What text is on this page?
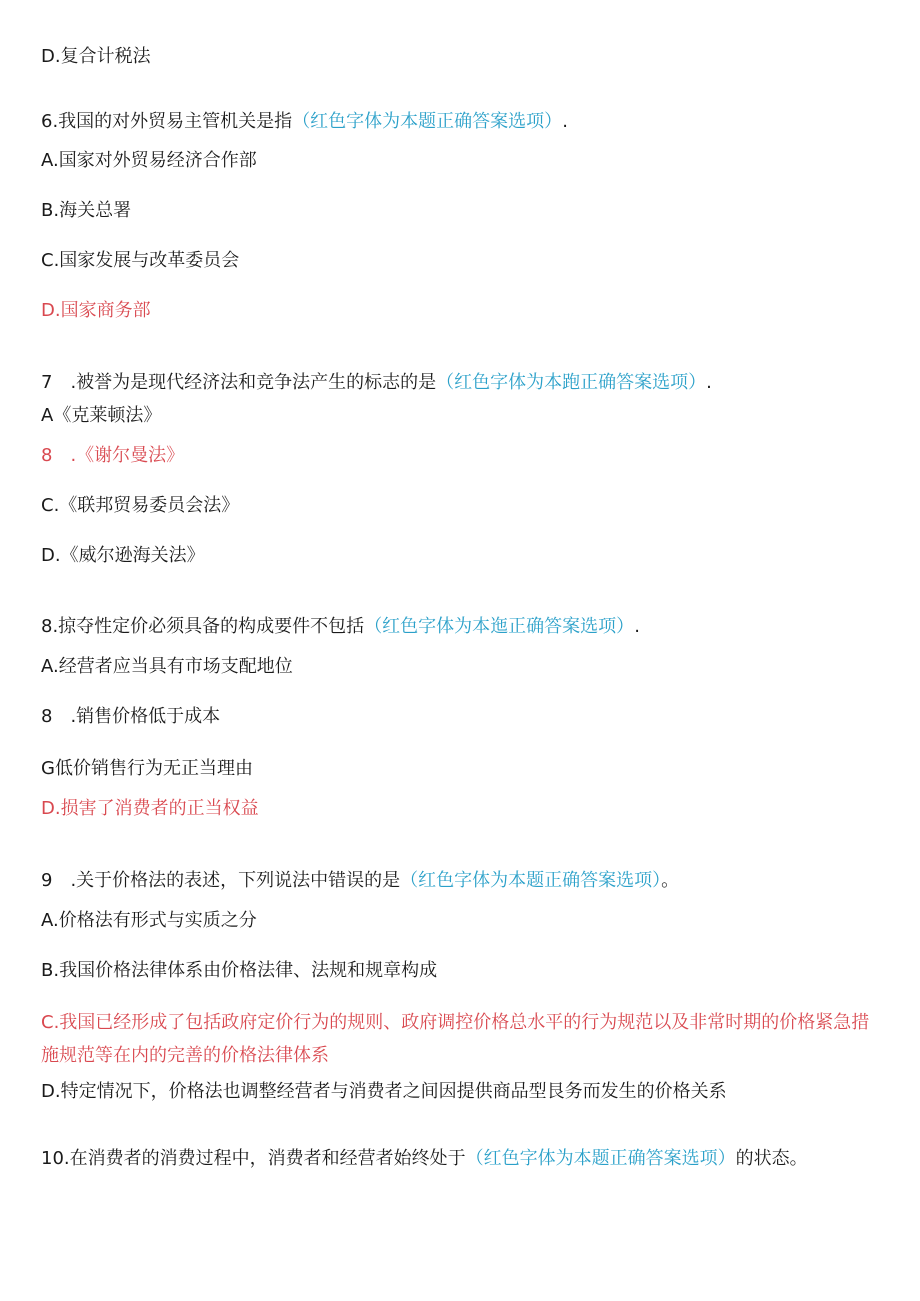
D.复合计税法
6.我国的对外贸易主管机关是指（红色字体为本题正确答案选项）.
A.国家对外贸易经济合作部
B.海关总署
C.国家发展与改革委员会
D.国家商务部
7　.被誉为是现代经济法和竞争法产生的标志的是（红色字体为本跑正确答案选项）.
A《克莱顿法》
8　.《谢尔曼法》
C.《联邦贸易委员会法》
D.《威尔逊海关法》
8.掠夺性定价必须具备的构成要件不包括（红色字体为本迤正确答案选项）.
A.经营者应当具有市场支配地位
8　.销售价格低于成本
G低价销售行为无正当理由
D.损害了消费者的正当权益
9　.关于价格法的表述，下列说法中错误的是（红色字体为本题正确答案选项）。
A.价格法有形式与实质之分
B.我国价格法律体系由价格法律、法规和规章构成
C.我国已经形成了包括政府定价行为的规则、政府调控价格总水平的行为规范以及非常时期的价格紧急措施规范等在内的完善的价格法律体系
D.特定情况下，价格法也调整经营者与消费者之间因提供商品型艮务而发生的价格关系
10.在消费者的消费过程中，消费者和经营者始终处于（红色字体为本题正确答案选项）的状态。
